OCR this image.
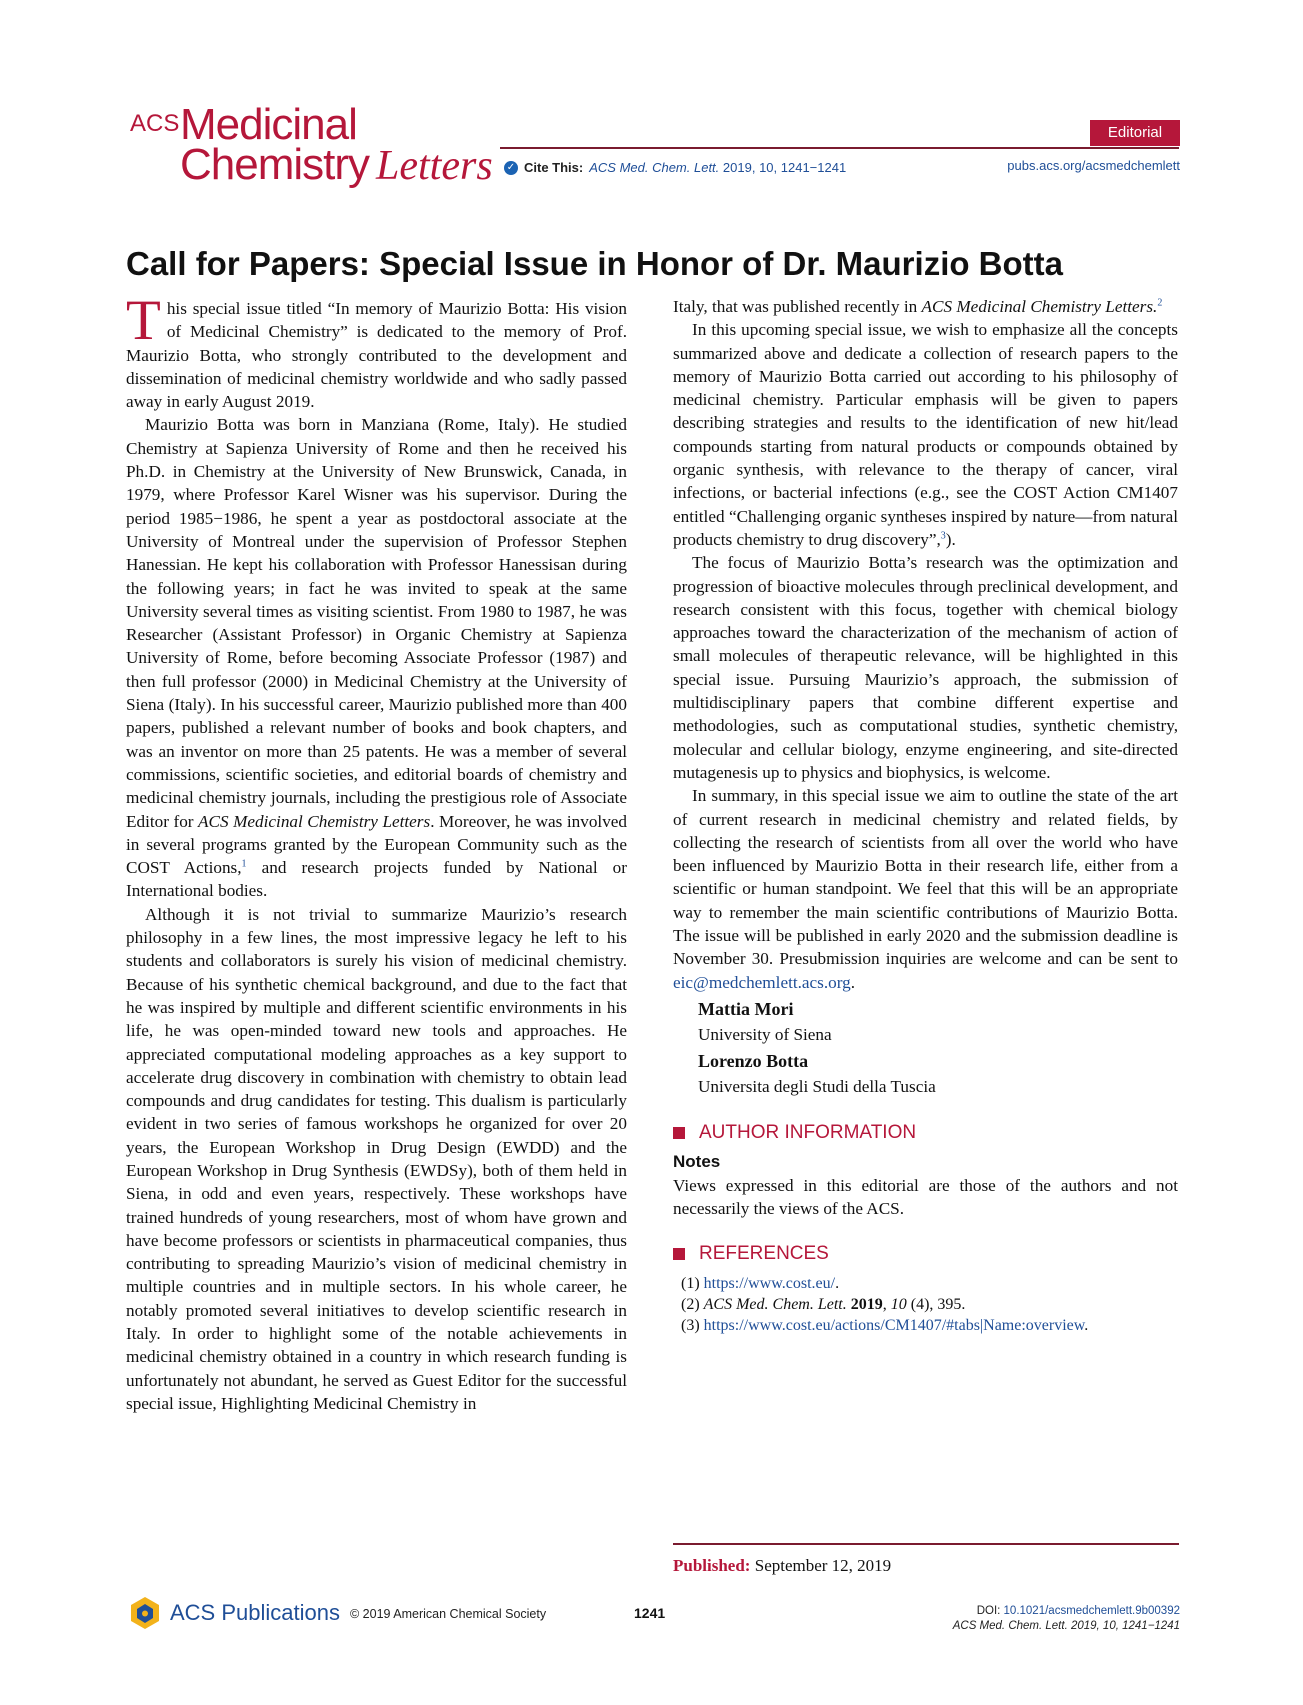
ACS Medicinal
Chemistry Letters
Editorial
✓ Cite This: ACS Med. Chem. Lett. 2019, 10, 1241−1241	pubs.acs.org/acsmedchemlett
Call for Papers: Special Issue in Honor of Dr. Maurizio Botta

This special issue titled “In memory of Maurizio Botta: His vision of Medicinal Chemistry” is dedicated to the memory of Prof. Maurizio Botta, who strongly contributed to the development and dissemination of medicinal chemistry worldwide and who sadly passed away in early August 2019.

Maurizio Botta was born in Manziana (Rome, Italy). He studied Chemistry at Sapienza University of Rome and then he received his Ph.D. in Chemistry at the University of New Brunswick, Canada, in 1979, where Professor Karel Wisner was his supervisor. During the period 1985−1986, he spent a year as postdoctoral associate at the University of Montreal under the supervision of Professor Stephen Hanessian. He kept his collaboration with Professor Hanessisan during the following years; in fact he was invited to speak at the same University several times as visiting scientist. From 1980 to 1987, he was Researcher (Assistant Professor) in Organic Chemistry at Sapienza University of Rome, before becoming Associate Professor (1987) and then full professor (2000) in Medicinal Chemistry at the University of Siena (Italy). In his successful career, Maurizio published more than 400 papers, published a relevant number of books and book chapters, and was an inventor on more than 25 patents. He was a member of several commissions, scientific societies, and editorial boards of chemistry and medicinal chemistry journals, including the prestigious role of Associate Editor for ACS Medicinal Chemistry Letters. Moreover, he was involved in several programs granted by the European Community such as the COST Actions,$^1$ and research projects funded by National or International bodies.

Although it is not trivial to summarize Maurizio’s research philosophy in a few lines, the most impressive legacy he left to his students and collaborators is surely his vision of medicinal chemistry. Because of his synthetic chemical background, and due to the fact that he was inspired by multiple and different scientific environments in his life, he was open-minded toward new tools and approaches. He appreciated computational modeling approaches as a key support to accelerate drug discovery in combination with chemistry to obtain lead compounds and drug candidates for testing. This dualism is particularly evident in two series of famous workshops he organized for over 20 years, the European Workshop in Drug Design (EWDD) and the European Workshop in Drug Synthesis (EWDSy), both of them held in Siena, in odd and even years, respectively. These workshops have trained hundreds of young researchers, most of whom have grown and have become professors or scientists in pharmaceutical companies, thus contributing to spreading Maurizio’s vision of medicinal chemistry in multiple countries and in multiple sectors. In his whole career, he notably promoted several initiatives to develop scientific research in Italy. In order to highlight some of the notable achievements in medicinal chemistry obtained in a country in which research funding is unfortunately not abundant, he served as Guest Editor for the successful special issue, Highlighting Medicinal Chemistry in

Italy, that was published recently in ACS Medicinal Chemistry Letters.$^2$

In this upcoming special issue, we wish to emphasize all the concepts summarized above and dedicate a collection of research papers to the memory of Maurizio Botta carried out according to his philosophy of medicinal chemistry. Particular emphasis will be given to papers describing strategies and results to the identification of new hit/lead compounds starting from natural products or compounds obtained by organic synthesis, with relevance to the therapy of cancer, viral infections, or bacterial infections (e.g., see the COST Action CM1407 entitled “Challenging organic syntheses inspired by nature—from natural products chemistry to drug discovery”,$^3$).

The focus of Maurizio Botta’s research was the optimization and progression of bioactive molecules through preclinical development, and research consistent with this focus, together with chemical biology approaches toward the characterization of the mechanism of action of small molecules of therapeutic relevance, will be highlighted in this special issue. Pursuing Maurizio’s approach, the submission of multidisciplinary papers that combine different expertise and methodologies, such as computational studies, synthetic chemistry, molecular and cellular biology, enzyme engineering, and site-directed mutagenesis up to physics and biophysics, is welcome.

In summary, in this special issue we aim to outline the state of the art of current research in medicinal chemistry and related fields, by collecting the research of scientists from all over the world who have been influenced by Maurizio Botta in their research life, either from a scientific or human standpoint. We feel that this will be an appropriate way to remember the main scientific contributions of Maurizio Botta. The issue will be published in early 2020 and the submission deadline is November 30. Presubmission inquiries are welcome and can be sent to eic@medchemlett.acs.org.

Mattia Mori
University of Siena
Lorenzo Botta
Universita degli Studi della Tuscia
AUTHOR INFORMATION
Notes

Views expressed in this editorial are those of the authors and not necessarily the views of the ACS.

REFERENCES

(1) https://www.cost.eu/.

(2) ACS Med. Chem. Lett. 2019, 10 (4), 395.

(3) https://www.cost.eu/actions/CM1407/#tabs|Name:overview.

Published: September 12, 2019
ACS Publications © 2019 American Chemical Society	1241	DOI: 10.1021/acsmedchemlett.9b00392
ACS Med. Chem. Lett. 2019, 10, 1241−1241
